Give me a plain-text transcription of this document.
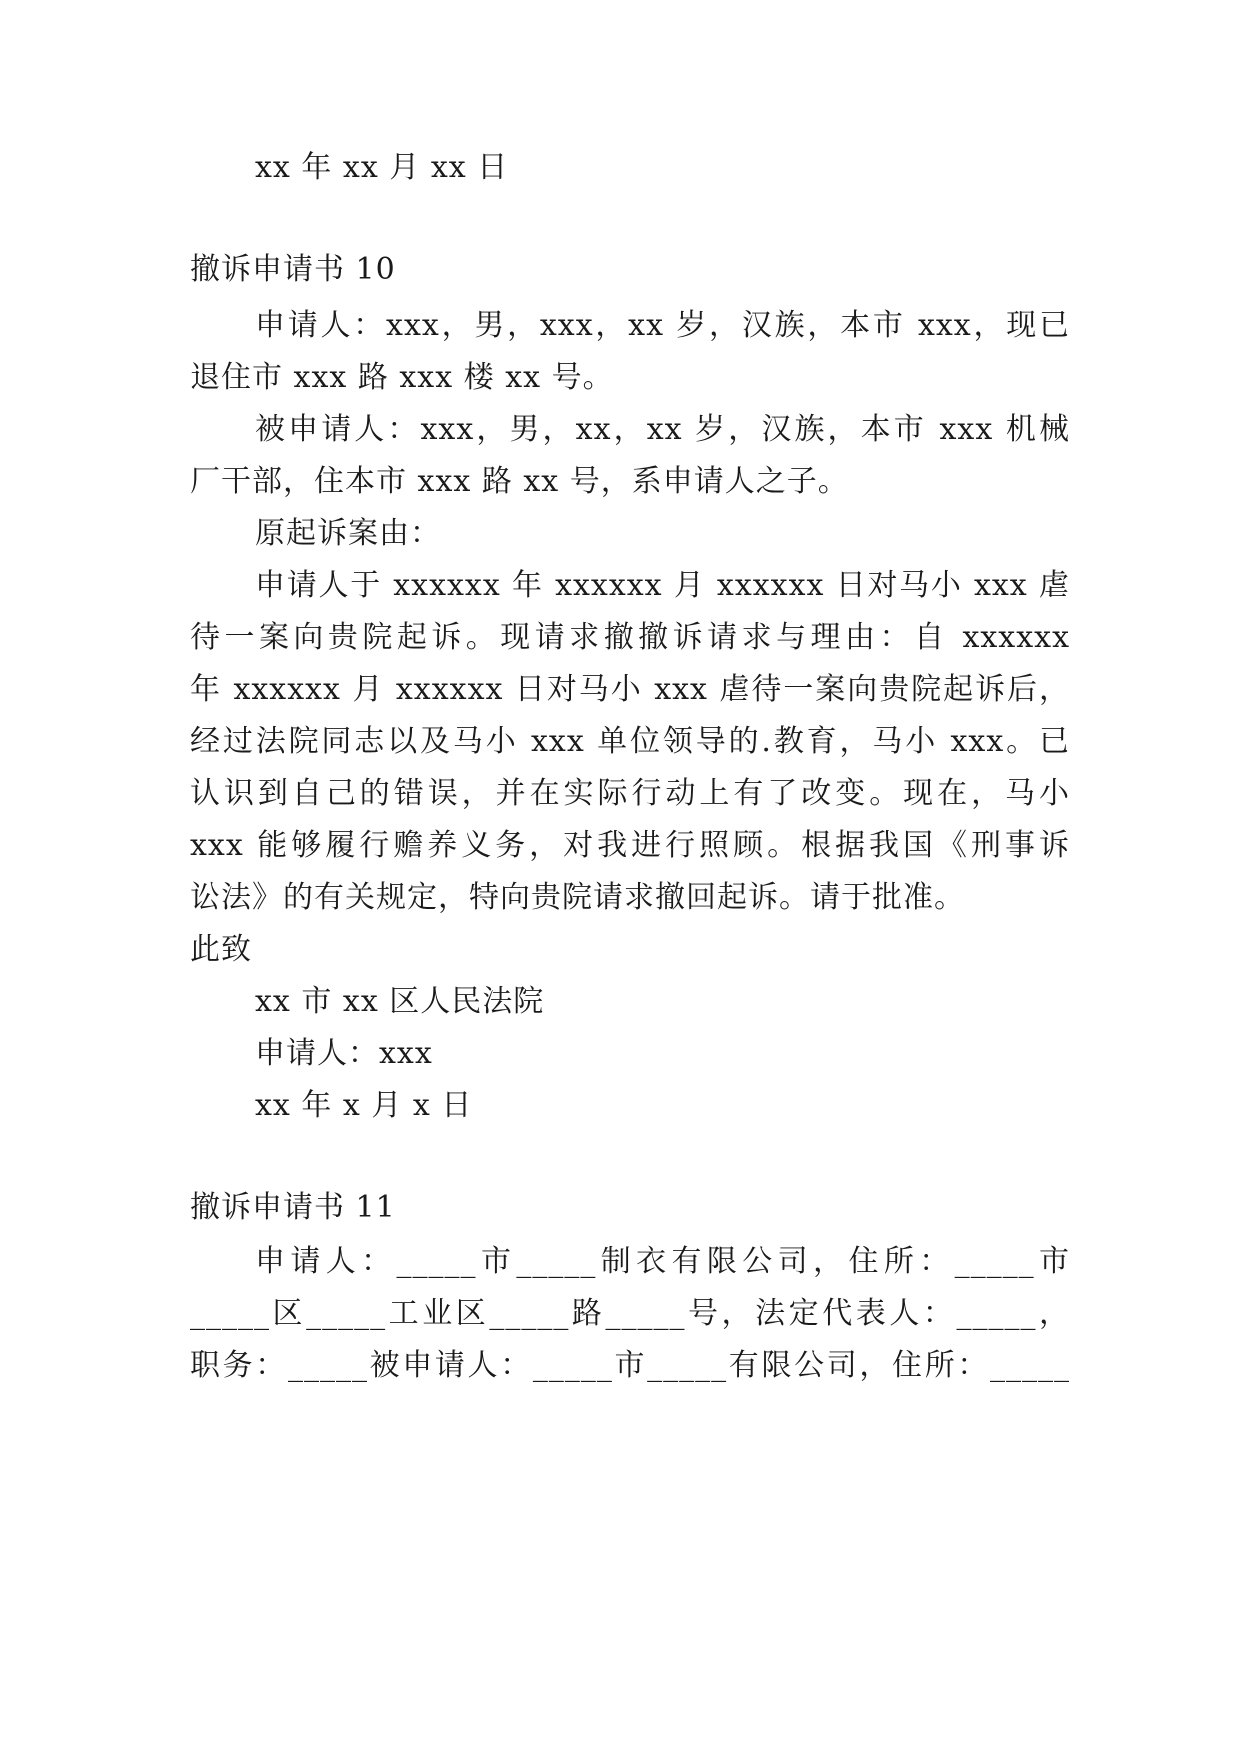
xx 年 xx 月 xx 日
撤诉申请书 10
申请人：xxx，男，xxx，xx 岁，汉族，本市 xxx，现已
退住市 xxx 路 xxx 楼 xx 号。
被申请人：xxx，男，xx，xx 岁，汉族，本市 xxx 机械
厂干部，住本市 xxx 路 xx 号，系申请人之子。
原起诉案由：
申请人于 xxxxxx 年 xxxxxx 月 xxxxxx 日对马小 xxx 虐
待一案向贵院起诉。现请求撤撤诉请求与理由：自 xxxxxx
年 xxxxxx 月 xxxxxx 日对马小 xxx 虐待一案向贵院起诉后，
经过法院同志以及马小 xxx 单位领导的.教育，马小 xxx。已
认识到自己的错误，并在实际行动上有了改变。现在，马小
xxx 能够履行赡养义务，对我进行照顾。根据我国《刑事诉
讼法》的有关规定，特向贵院请求撤回起诉。请于批准。
此致
xx 市 xx 区人民法院
申请人：xxx
xx 年 x 月 x 日
撤诉申请书 11
申请人：_____市_____制衣有限公司，住所：_____市
_____区_____工业区_____路_____号，法定代表人：_____，
职务：_____被申请人：_____市_____有限公司，住所：_____
